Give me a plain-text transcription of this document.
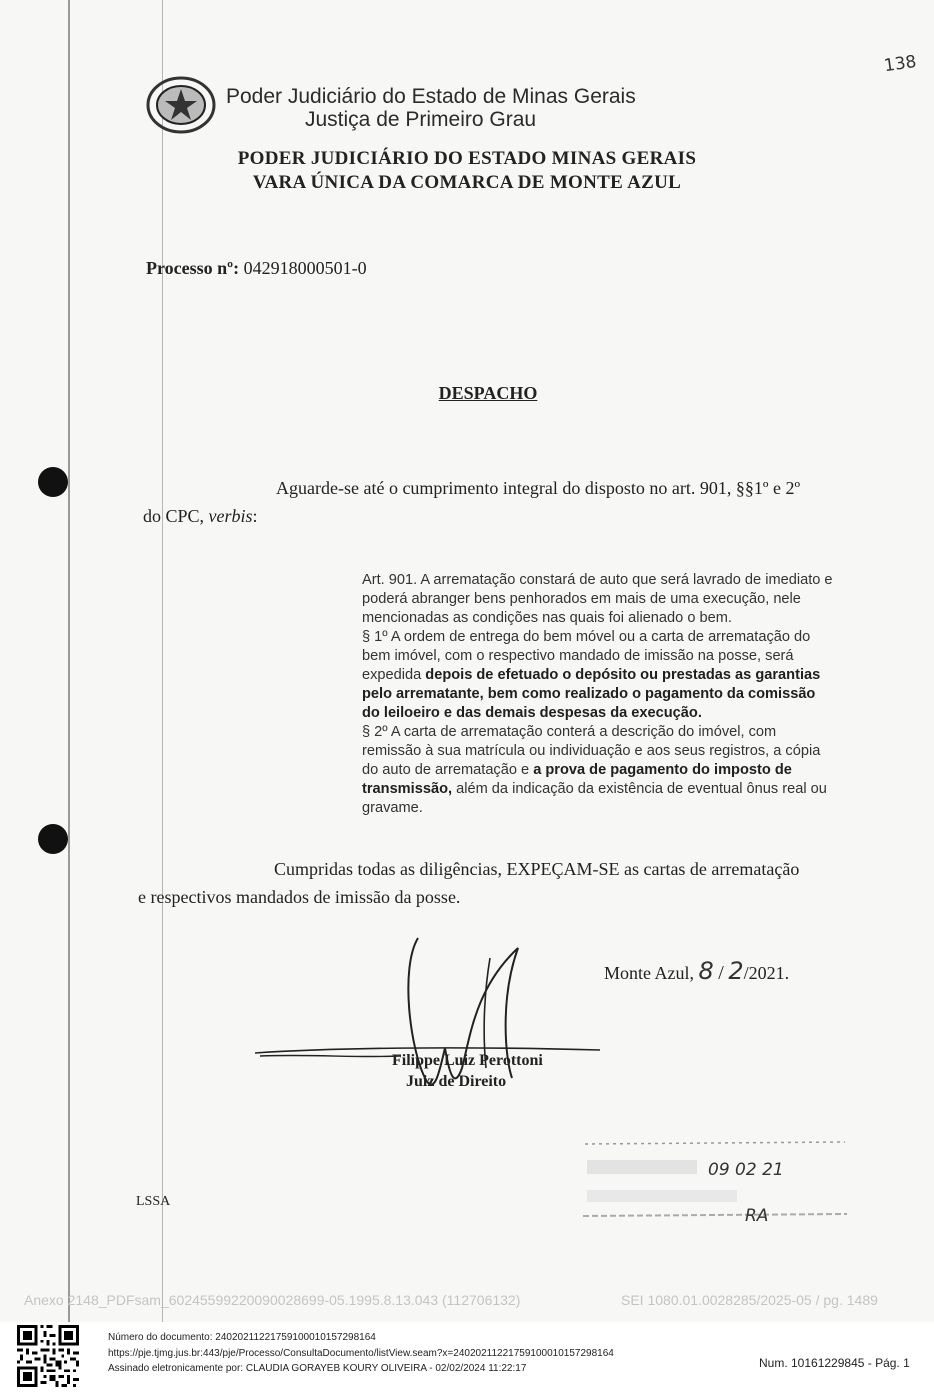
138
Poder Judiciário do Estado de Minas Gerais
Justiça de Primeiro Grau
PODER JUDICIÁRIO DO ESTADO MINAS GERAIS
VARA ÚNICA DA COMARCA DE MONTE AZUL
Processo nº: 042918000501-0
DESPACHO
Aguarde-se até o cumprimento integral do disposto no art. 901, §§1º e 2º
do CPC, verbis:

Art. 901. A arrematação constará de auto que será lavrado de imediato e poderá abranger bens penhorados em mais de uma execução, nele mencionadas as condições nas quais foi alienado o bem.

§ 1º A ordem de entrega do bem móvel ou a carta de arrematação do bem imóvel, com o respectivo mandado de imissão na posse, será expedida depois de efetuado o depósito ou prestadas as garantias pelo arrematante, bem como realizado o pagamento da comissão do leiloeiro e das demais despesas da execução.

§ 2º A carta de arrematação conterá a descrição do imóvel, com remissão à sua matrícula ou individuação e aos seus registros, a cópia do auto de arrematação e a prova de pagamento do imposto de transmissão, além da indicação da existência de eventual ônus real ou gravame.

Cumpridas todas as diligências, EXPEÇAM-SE as cartas de arrematação
e respectivos mandados de imissão da posse.
Monte Azul, 8 / 2/2021.
Filippe Luiz Perottoni
Juiz de Direito
09 02 21
RA
LSSA
Anexo 2148_PDFsam_60245599220090028699-05.1995.8.13.043 (112706132)	SEI 1080.01.0028285/2025-05 / pg. 1489
Número do documento: 24020211221759100010157298164
https://pje.tjmg.jus.br:443/pje/Processo/ConsultaDocumento/listView.seam?x=24020211221759100010157298164
Assinado eletronicamente por: CLAUDIA GORAYEB KOURY OLIVEIRA - 02/02/2024 11:22:17	Num. 10161229845 - Pág. 1
